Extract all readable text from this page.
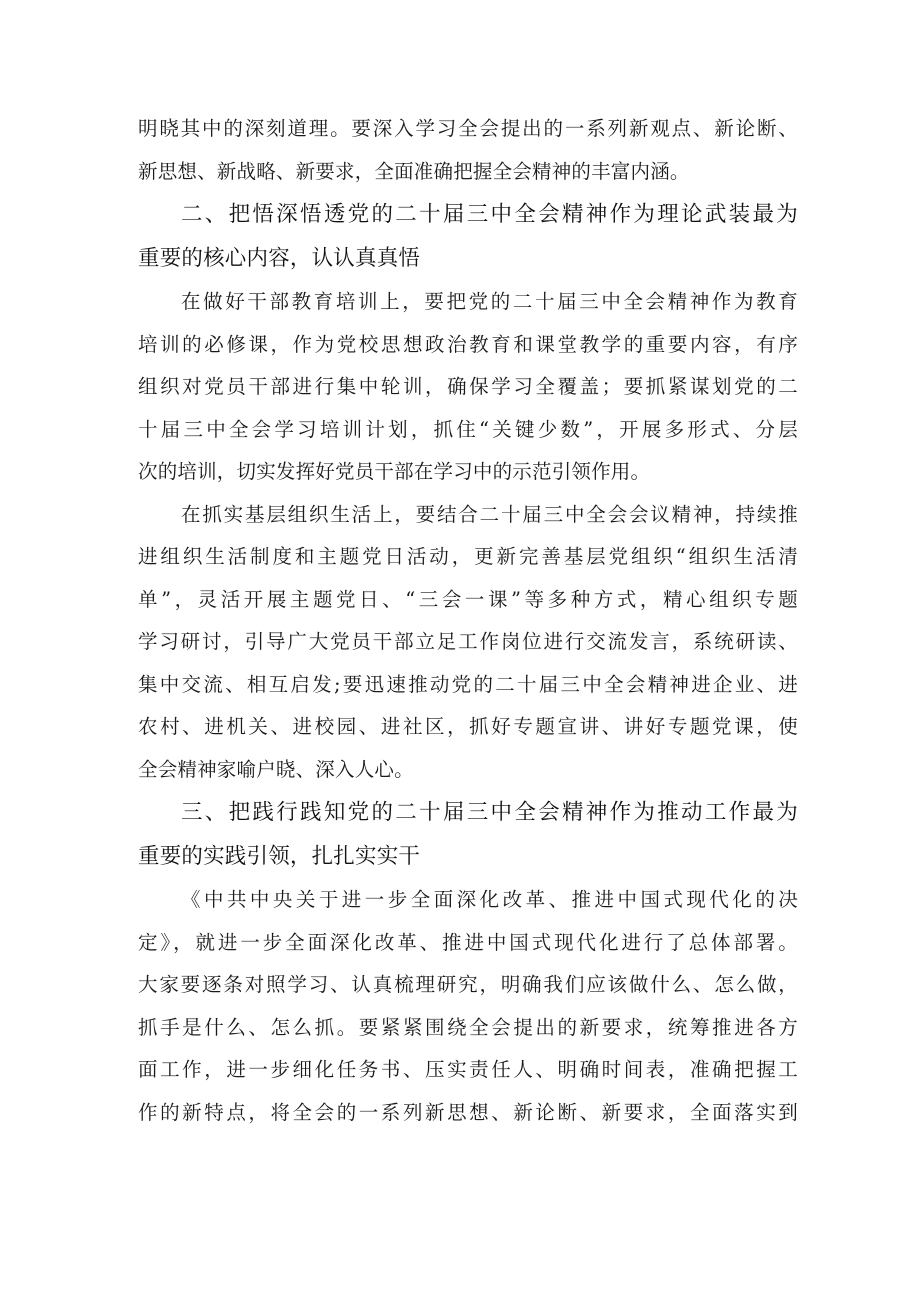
明晓其中的深刻道理。要深入学习全会提出的一系列新观点、新论断、
新思想、新战略、新要求，全面准确把握全会精神的丰富内涵。
二、把悟深悟透党的二十届三中全会精神作为理论武装最为
重要的核心内容，认认真真悟
在做好干部教育培训上，要把党的二十届三中全会精神作为教育
培训的必修课，作为党校思想政治教育和课堂教学的重要内容，有序
组织对党员干部进行集中轮训，确保学习全覆盖；要抓紧谋划党的二
十届三中全会学习培训计划，抓住“关键少数”，开展多形式、分层
次的培训，切实发挥好党员干部在学习中的示范引领作用。
在抓实基层组织生活上，要结合二十届三中全会会议精神，持续推
进组织生活制度和主题党日活动，更新完善基层党组织“组织生活清
单”，灵活开展主题党日、“三会一课”等多种方式，精心组织专题
学习研讨，引导广大党员干部立足工作岗位进行交流发言，系统研读、
集中交流、相互启发;要迅速推动党的二十届三中全会精神进企业、进
农村、进机关、进校园、进社区，抓好专题宣讲、讲好专题党课，使
全会精神家喻户晓、深入人心。
三、把践行践知党的二十届三中全会精神作为推动工作最为
重要的实践引领，扎扎实实干
《中共中央关于进一步全面深化改革、推进中国式现代化的决
定》，就进一步全面深化改革、推进中国式现代化进行了总体部署。
大家要逐条对照学习、认真梳理研究，明确我们应该做什么、怎么做，
抓手是什么、怎么抓。要紧紧围绕全会提出的新要求，统筹推进各方
面工作，进一步细化任务书、压实责任人、明确时间表，准确把握工
作的新特点，将全会的一系列新思想、新论断、新要求，全面落实到
